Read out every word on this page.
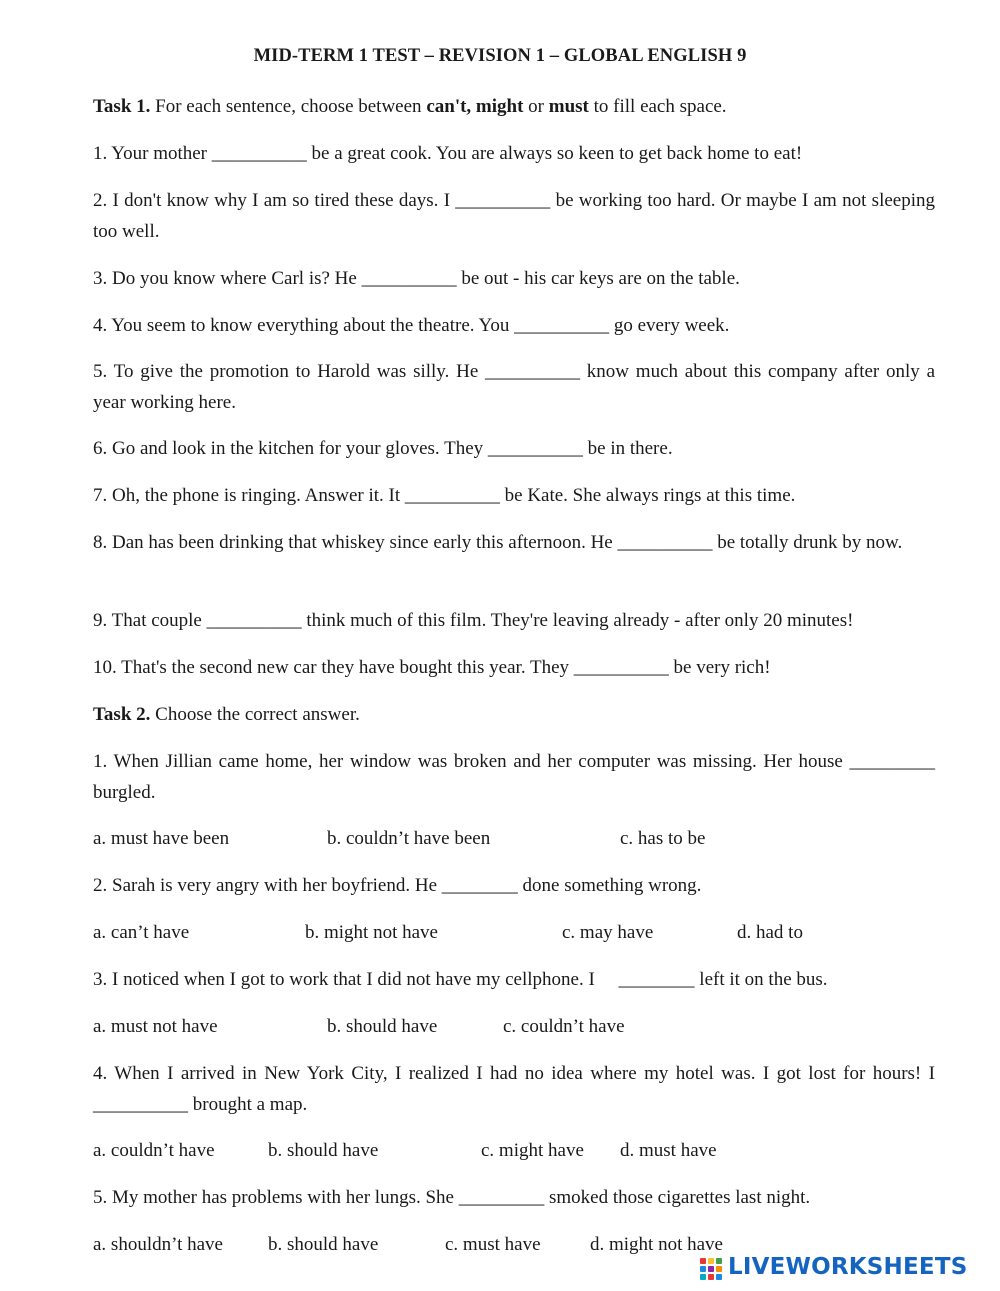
MID-TERM 1 TEST – REVISION 1 – GLOBAL ENGLISH 9
Task 1. For each sentence, choose between can't, might or must to fill each space.
1. Your mother __________ be a great cook. You are always so keen to get back home to eat!
2. I don't know why I am so tired these days. I __________ be working too hard. Or maybe I am not sleeping too well.
3. Do you know where Carl is? He __________ be out - his car keys are on the table.
4. You seem to know everything about the theatre. You __________ go every week.
5. To give the promotion to Harold was silly. He __________ know much about this company after only a year working here.
6. Go and look in the kitchen for your gloves. They __________ be in there.
7. Oh, the phone is ringing. Answer it. It __________ be Kate. She always rings at this time.
8. Dan has been drinking that whiskey since early this afternoon. He __________ be totally drunk by now.
9. That couple __________ think much of this film. They're leaving already - after only 20 minutes!
10. That's the second new car they have bought this year. They __________ be very rich!
Task 2. Choose the correct answer.
1. When Jillian came home, her window was broken and her computer was missing. Her house _________ burgled.
a. must have been	b. couldn’t have been	c. has to be
2. Sarah is very angry with her boyfriend. He ________ done something wrong.
a. can’t have	b. might not have	c. may have	d. had to
3. I noticed when I got to work that I did not have my cellphone. I     ________ left it on the bus.
a. must not have	b. should have	c. couldn’t have
4. When I arrived in New York City, I realized I had no idea where my hotel was. I got lost for hours! I __________ brought a map.
a. couldn’t have	b. should have	c. might have d. must have
5. My mother has problems with her lungs. She _________ smoked those cigarettes last night.
a. shouldn’t have b. should have	c. must have	d. might not have
LIVEWORKSHEETS
